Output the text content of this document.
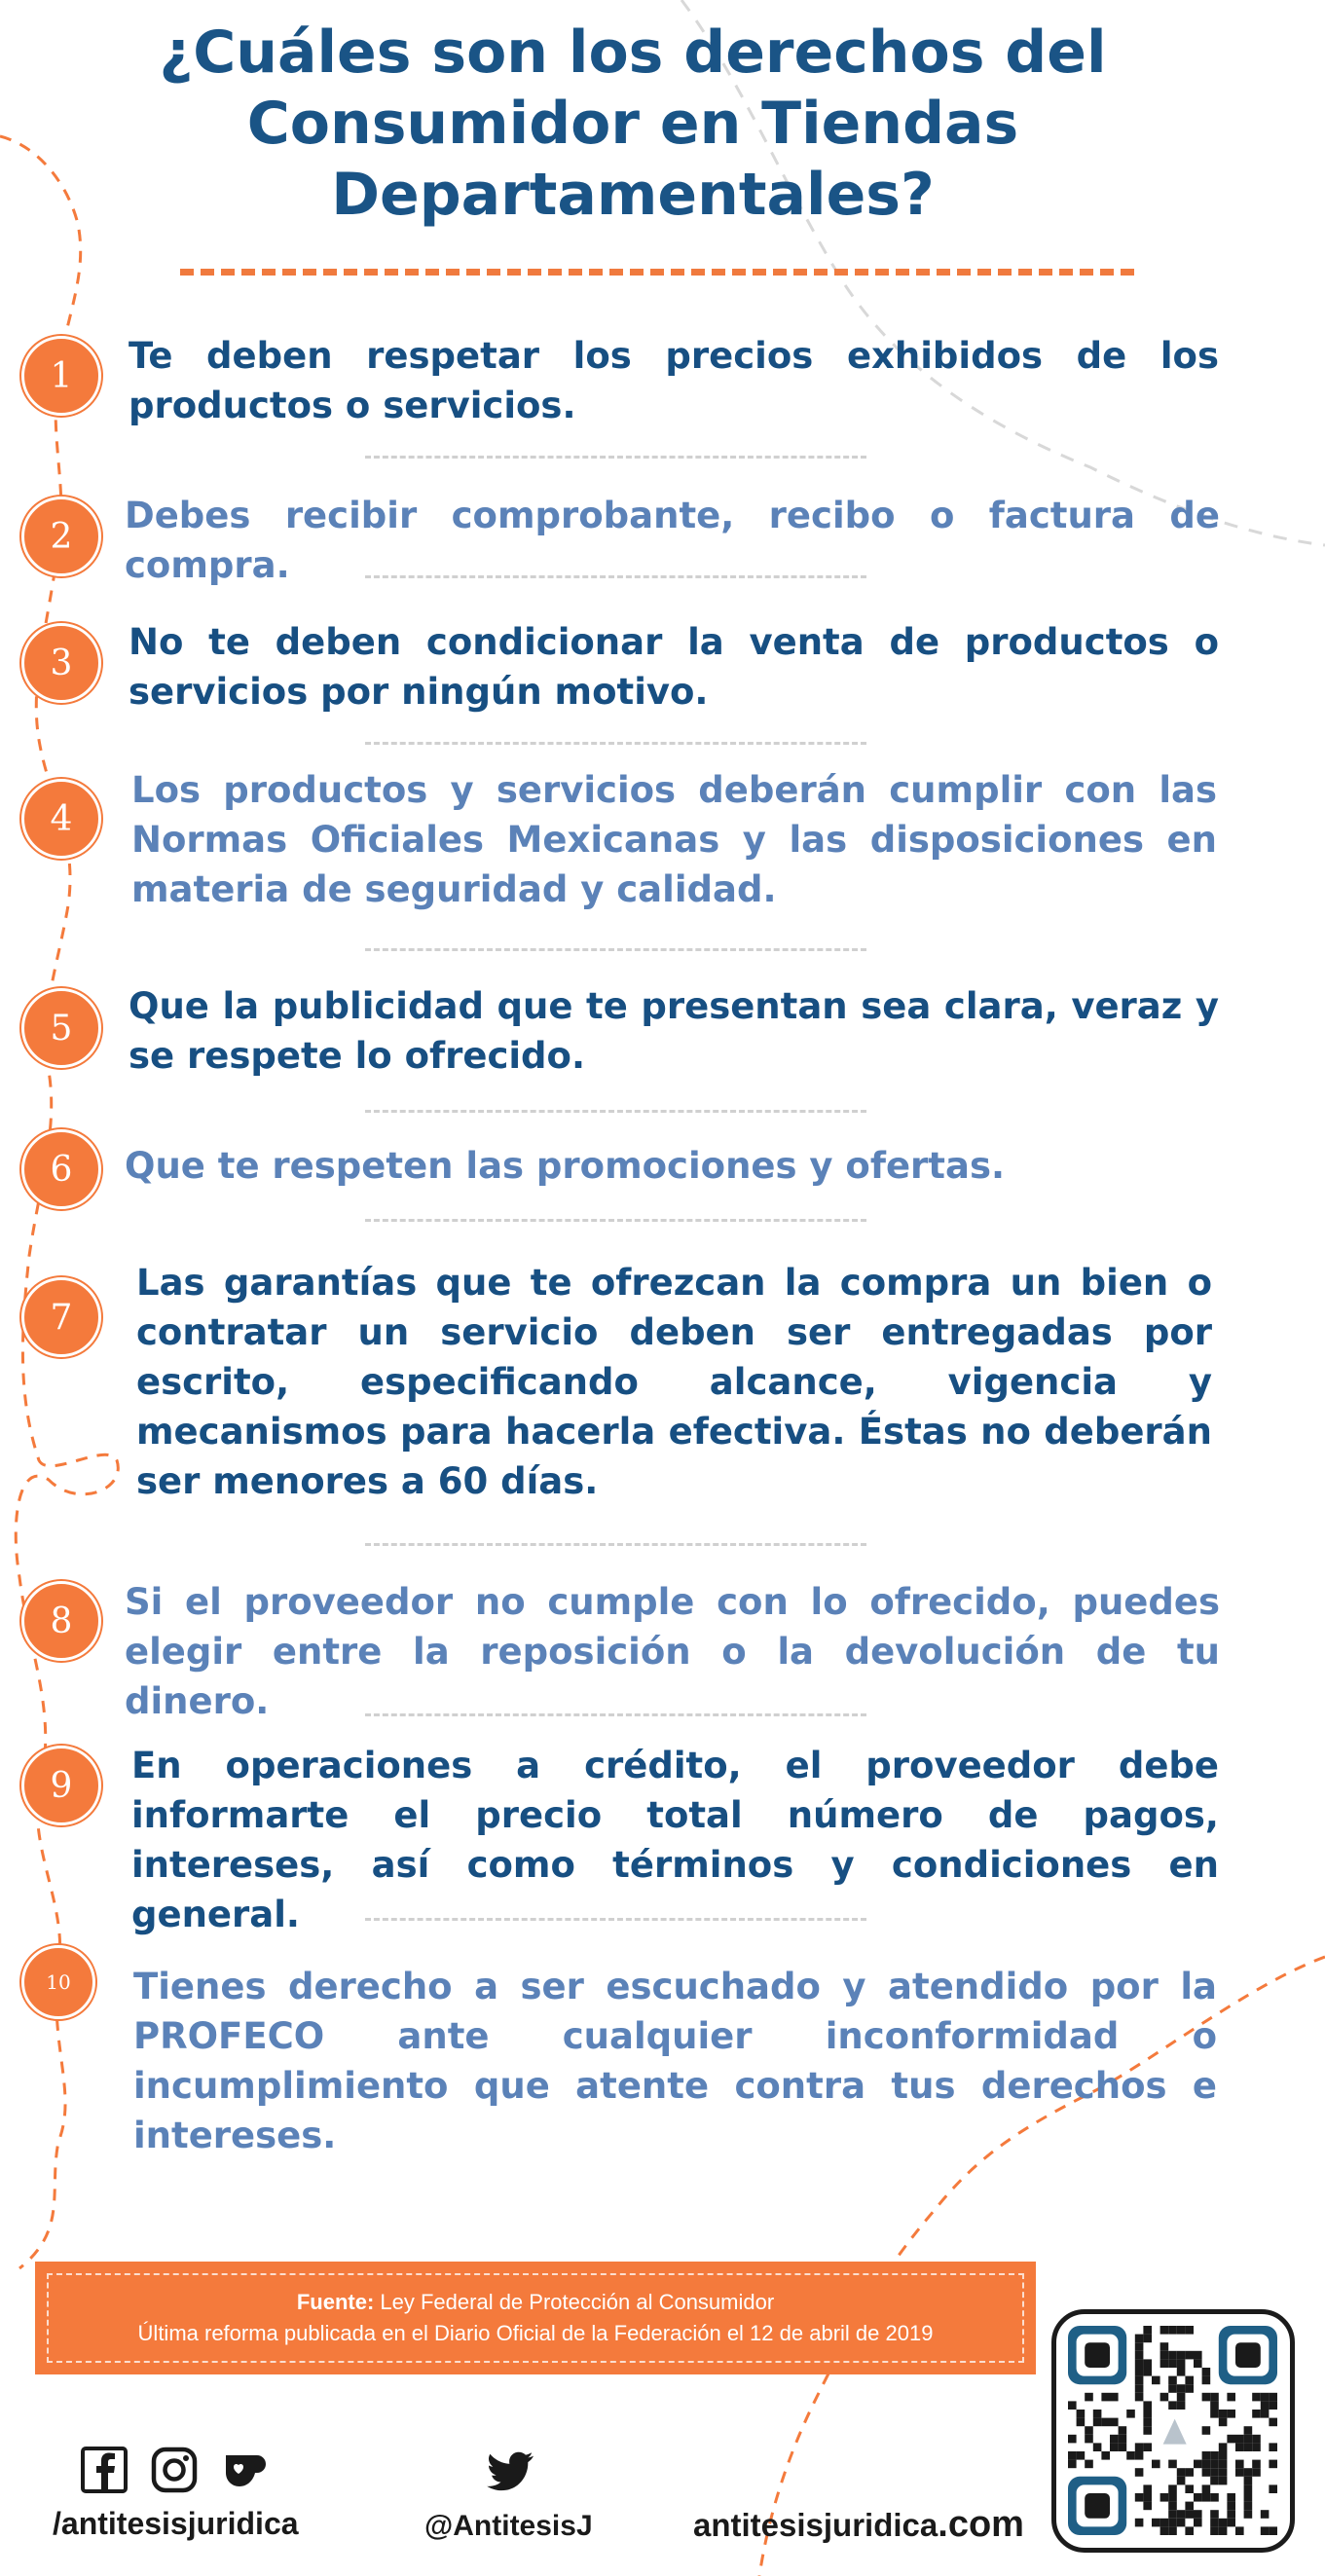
¿Cuáles son los derechos del Consumidor en Tiendas Departamentales?
1	Te deben respetar los precios exhibidos de los productos o servicios.

2	Debes recibir comprobante, recibo o factura de compra.

3	No te deben condicionar la venta de productos o servicios por ningún motivo.

4

Los productos y servicios deberán cumplir con las Normas Oficiales Mexicanas y las disposiciones en materia de seguridad y calidad.

5

Que la publicidad que te presentan sea clara, veraz y se respete lo ofrecido.

6	Que te respeten las promociones y ofertas.

7

Las garantías que te ofrezcan la compra un bien o contratar un servicio deben ser entregadas por escrito, especificando alcance, vigencia y mecanismos para hacerla efectiva. Éstas no deberán ser menores a 60 días.

8	Si el proveedor no cumple con lo ofrecido, puedes elegir entre la reposición o la devolución de tu dinero.

9	En operaciones a crédito, el proveedor debe informarte el precio total número de pagos, intereses, así como términos y condiciones en general.

10	Tienes derecho a ser escuchado y atendido por la PROFECO ante cualquier inconformidad o incumplimiento que atente contra tus derechos e intereses.

Fuente: Ley Federal de Protección al Consumidor
Última reforma publicada en el Diario Oficial de la Federación el 12 de abril de 2019
/antitesisjuridica	@AntitesisJ	antitesisjuridica.com
